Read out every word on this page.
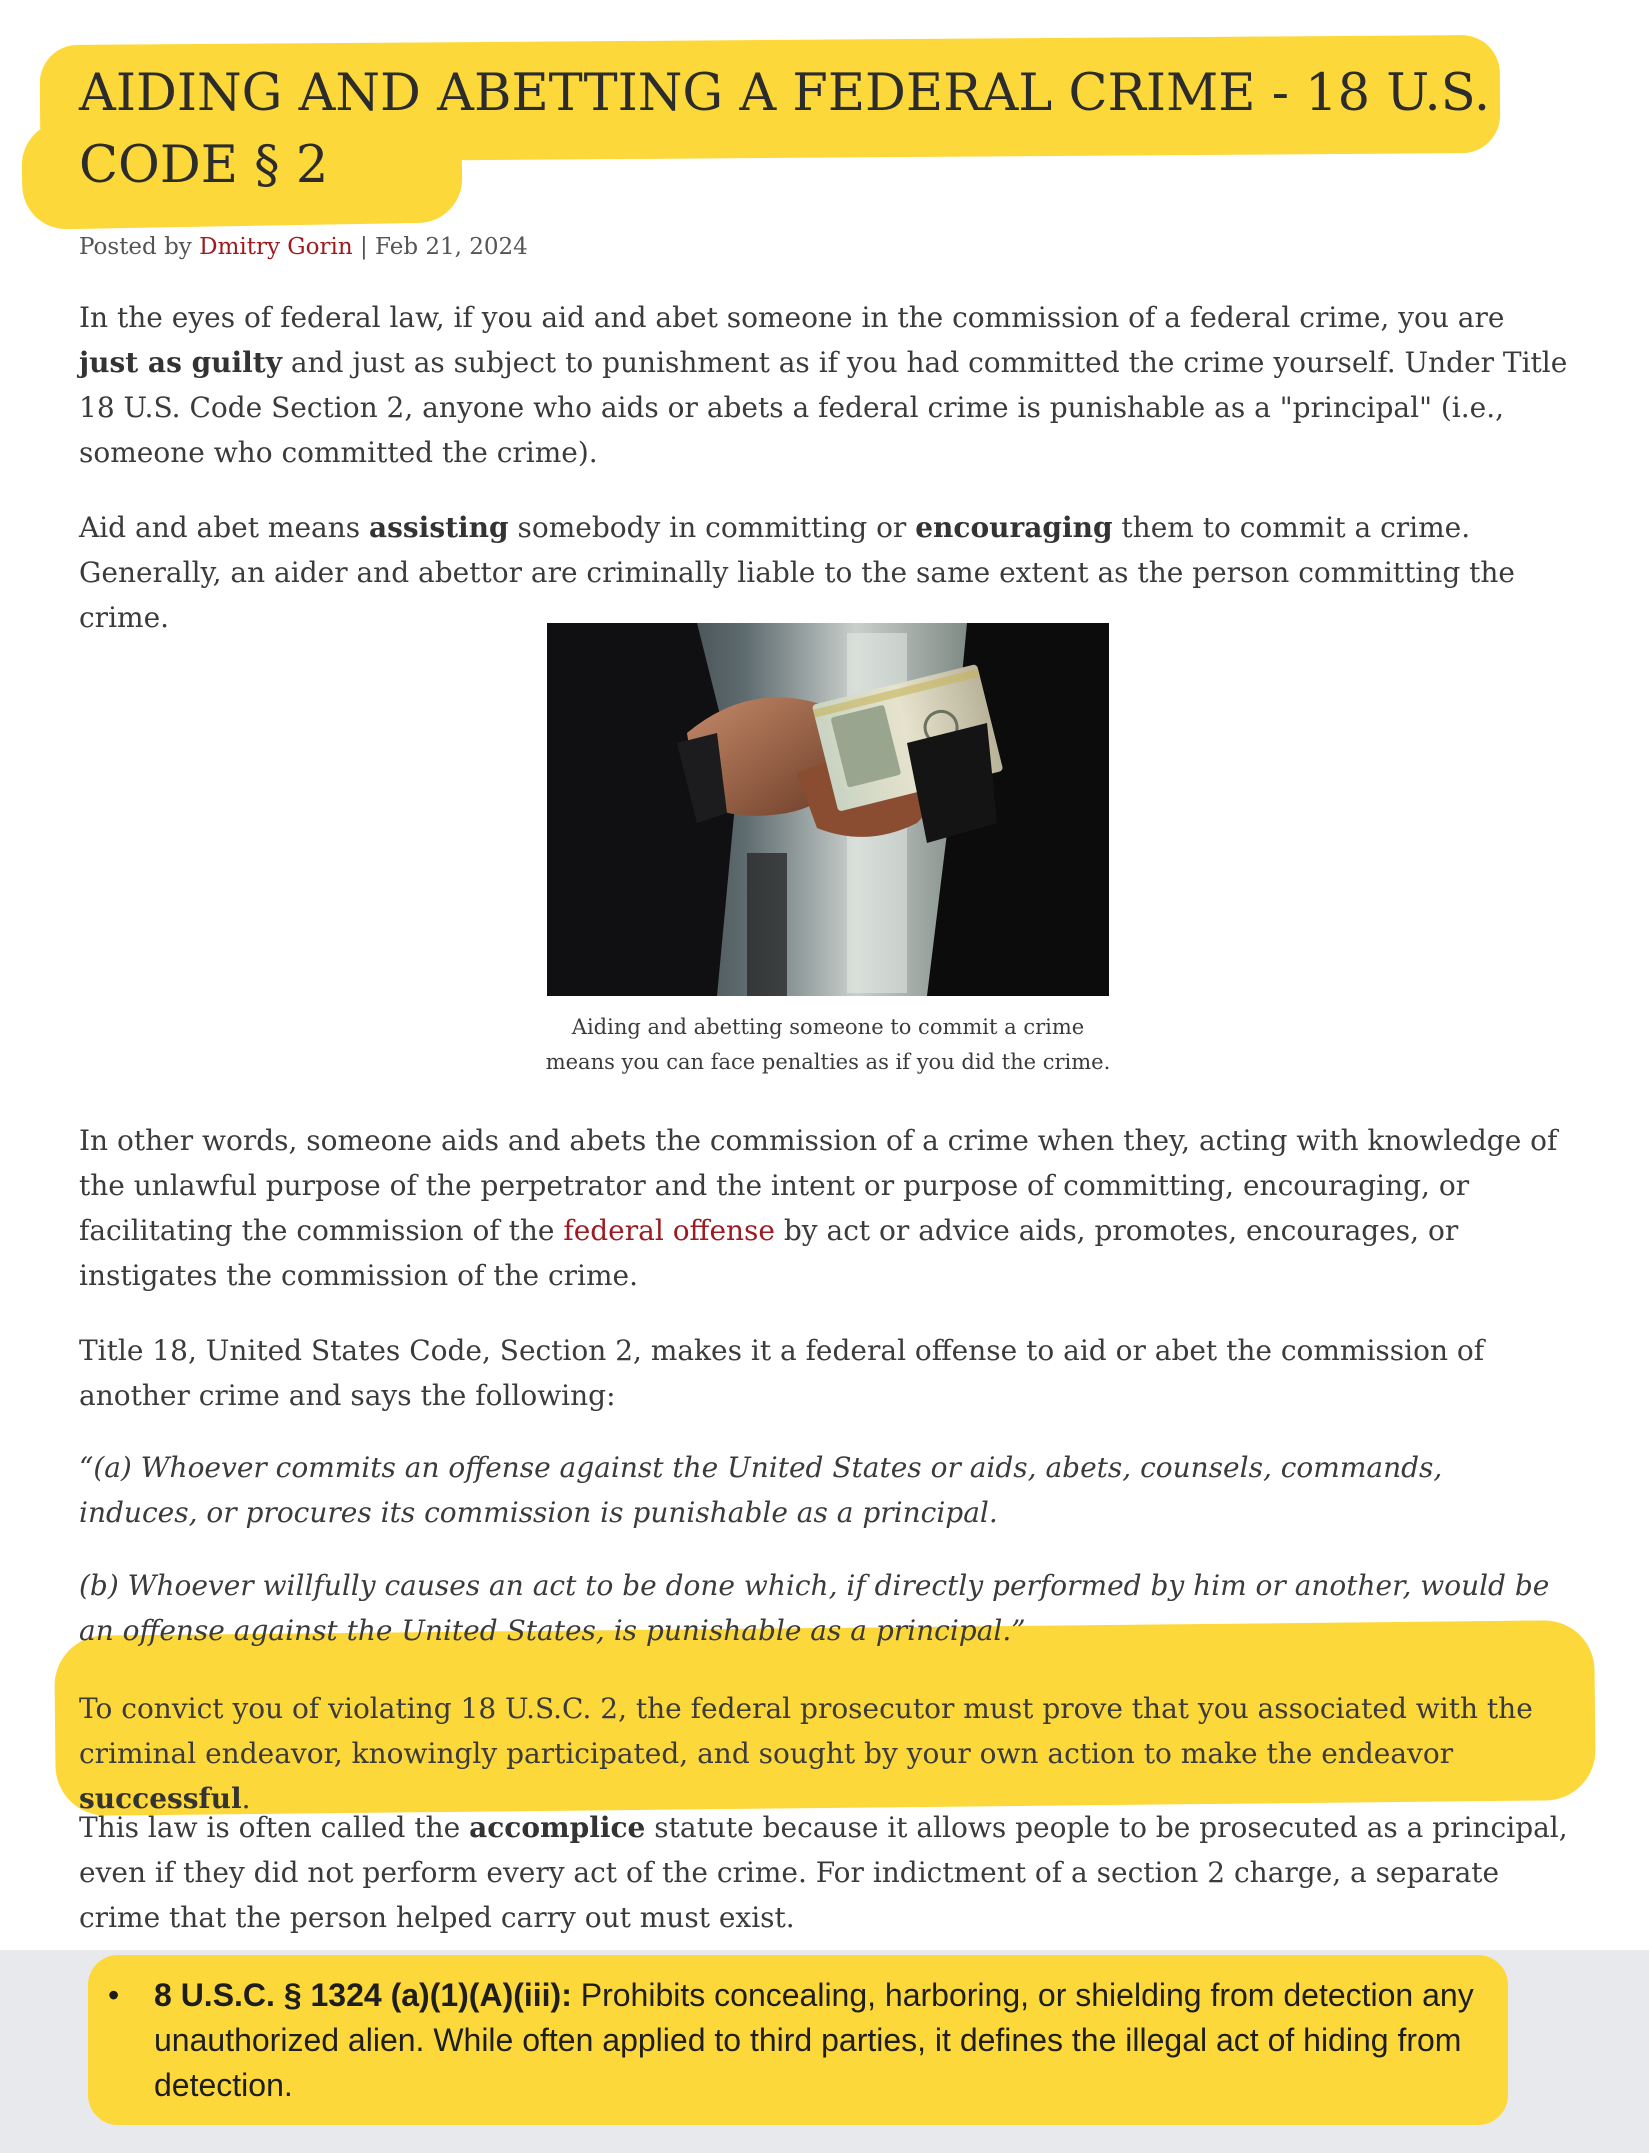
AIDING AND ABETTING A FEDERAL CRIME - 18 U.S. CODE § 2
Posted by Dmitry Gorin | Feb 21, 2024

In the eyes of federal law, if you aid and abet someone in the commission of a federal crime, you are just as guilty and just as subject to punishment as if you had committed the crime yourself. Under Title 18 U.S. Code Section 2, anyone who aids or abets a federal crime is punishable as a "principal" (i.e., someone who committed the crime).

Aid and abet means assisting somebody in committing or encouraging them to commit a crime. Generally, an aider and abettor are criminally liable to the same extent as the person committing the crime.

Aiding and abetting someone to commit a crime
means you can face penalties as if you did the crime.

In other words, someone aids and abets the commission of a crime when they, acting with knowledge of the unlawful purpose of the perpetrator and the intent or purpose of committing, encouraging, or facilitating the commission of the federal offense by act or advice aids, promotes, encourages, or instigates the commission of the crime.

Title 18, United States Code, Section 2, makes it a federal offense to aid or abet the commission of another crime and says the following:

“(a) Whoever commits an offense against the United States or aids, abets, counsels, commands, induces, or procures its commission is punishable as a principal.

(b) Whoever willfully causes an act to be done which, if directly performed by him or another, would be an offense against the United States, is punishable as a principal.”

To convict you of violating 18 U.S.C. 2, the federal prosecutor must prove that you associated with the criminal endeavor, knowingly participated, and sought by your own action to make the endeavor successful.

This law is often called the accomplice statute because it allows people to be prosecuted as a principal, even if they did not perform every act of the crime. For indictment of a section 2 charge, a separate crime that the person helped carry out must exist.

• 8 U.S.C. § 1324 (a)(1)(A)(iii): Prohibits concealing, harboring, or shielding from detection any unauthorized alien. While often applied to third parties, it defines the illegal act of hiding from detection.
